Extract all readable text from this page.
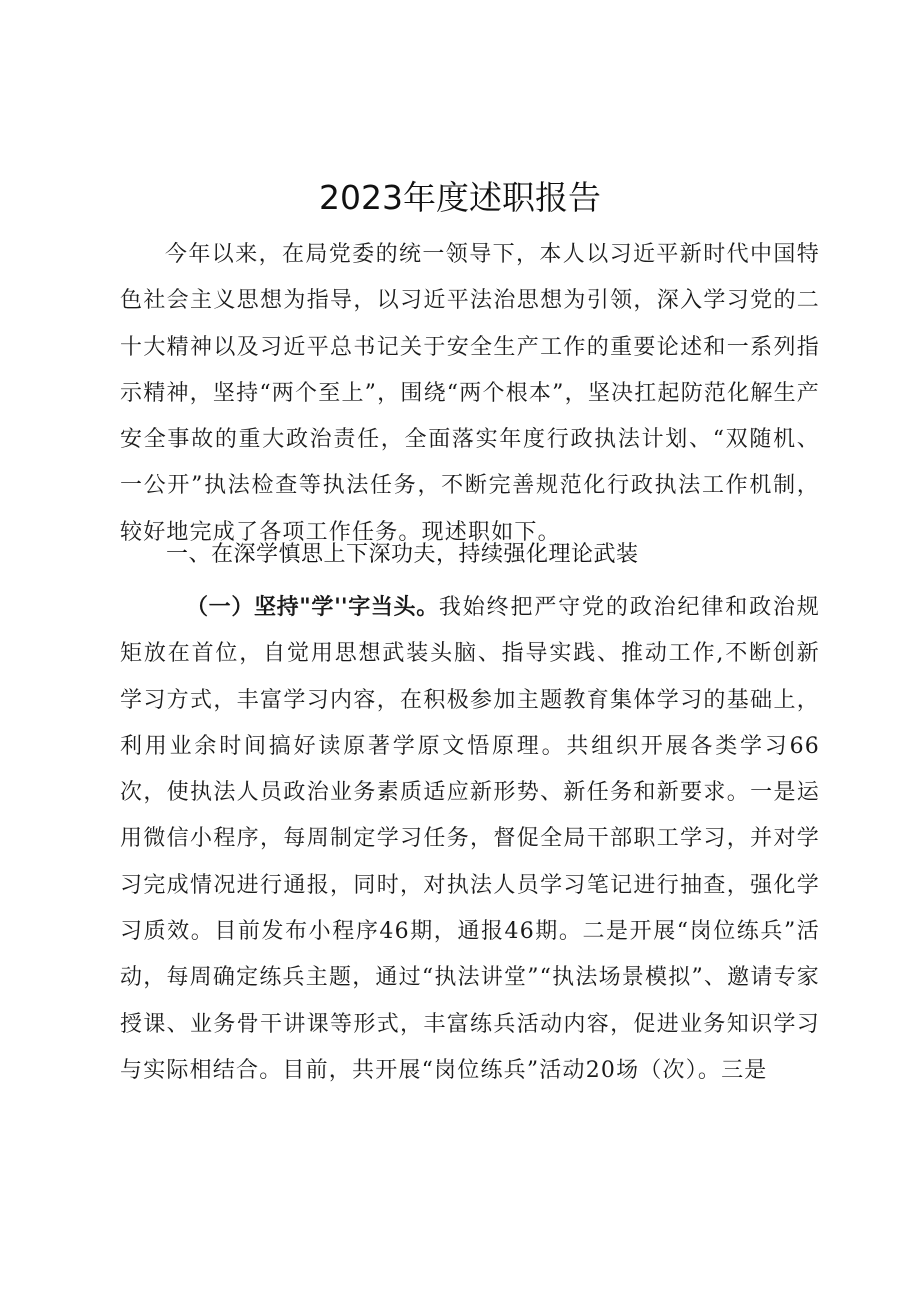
2023年度述职报告

今年以来，在局党委的统一领导下，本人以习近平新时代中国特色社会主义思想为指导，以习近平法治思想为引领，深入学习党的二十大精神以及习近平总书记关于安全生产工作的重要论述和一系列指示精神，坚持“两个至上”，围绕“两个根本”，坚决扛起防范化解生产安全事故的重大政治责任，全面落实年度行政执法计划、“双随机、一公开”执法检查等执法任务，不断完善规范化行政执法工作机制，较好地完成了各项工作任务。现述职如下。

一、在深学慎思上下深功夫，持续强化理论武装

（一）坚持"学''字当头。我始终把严守党的政治纪律和政治规矩放在首位，自觉用思想武装头脑、指导实践、推动工作,不断创新学习方式，丰富学习内容，在积极参加主题教育集体学习的基础上，利用业余时间搞好读原著学原文悟原理。共组织开展各类学习66次，使执法人员政治业务素质适应新形势、新任务和新要求。一是运用微信小程序，每周制定学习任务，督促全局干部职工学习，并对学习完成情况进行通报，同时，对执法人员学习笔记进行抽查，强化学习质效。目前发布小程序46期，通报46期。二是开展“岗位练兵”活动，每周确定练兵主题，通过“执法讲堂”“执法场景模拟”、邀请专家授课、业务骨干讲课等形式，丰富练兵活动内容，促进业务知识学习与实际相结合。目前，共开展“岗位练兵”活动20场（次）。三是
